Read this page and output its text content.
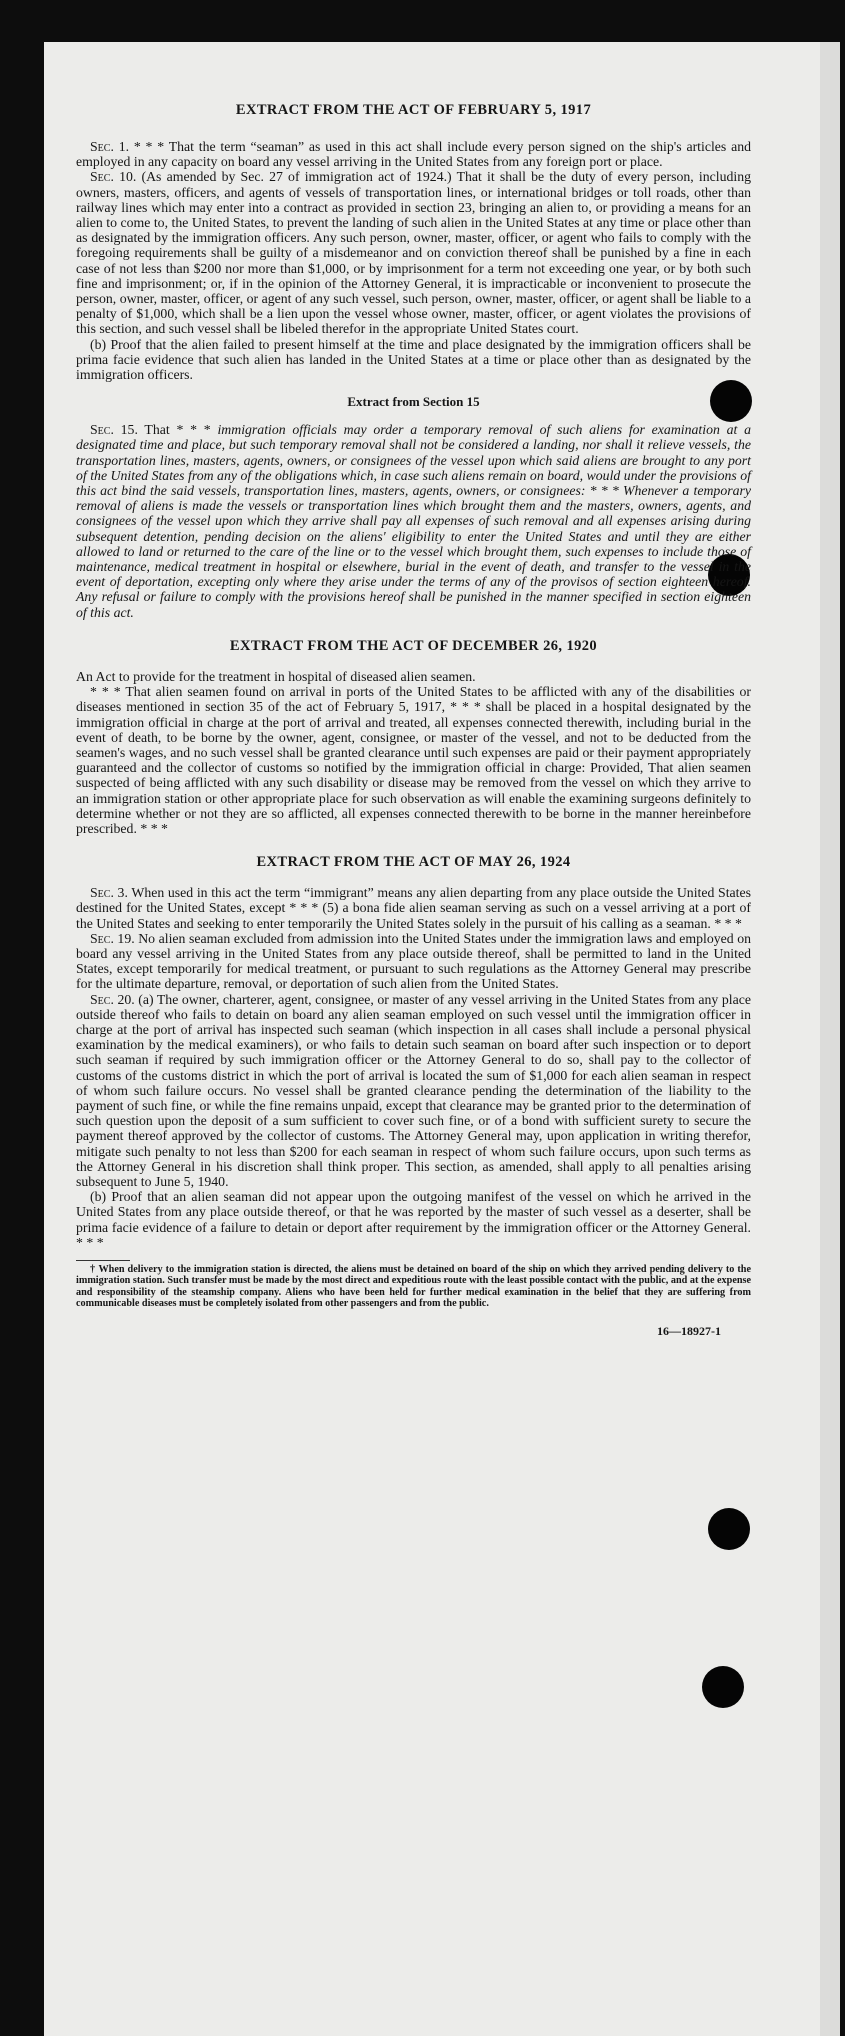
EXTRACT FROM THE ACT OF FEBRUARY 5, 1917

Sec. 1. * * * That the term “seaman” as used in this act shall include every person signed on the ship's articles and employed in any capacity on board any vessel arriving in the United States from any foreign port or place.

Sec. 10. (As amended by Sec. 27 of immigration act of 1924.) That it shall be the duty of every person, including owners, masters, officers, and agents of vessels of transportation lines, or international bridges or toll roads, other than railway lines which may enter into a contract as provided in section 23, bringing an alien to, or providing a means for an alien to come to, the United States, to prevent the landing of such alien in the United States at any time or place other than as designated by the immigration officers. Any such person, owner, master, officer, or agent who fails to comply with the foregoing requirements shall be guilty of a misdemeanor and on conviction thereof shall be punished by a fine in each case of not less than $200 nor more than $1,000, or by imprisonment for a term not exceeding one year, or by both such fine and imprisonment; or, if in the opinion of the Attorney General, it is impracticable or inconvenient to prosecute the person, owner, master, officer, or agent of any such vessel, such person, owner, master, officer, or agent shall be liable to a penalty of $1,000, which shall be a lien upon the vessel whose owner, master, officer, or agent violates the provisions of this section, and such vessel shall be libeled therefor in the appropriate United States court.

(b) Proof that the alien failed to present himself at the time and place designated by the immigration officers shall be prima facie evidence that such alien has landed in the United States at a time or place other than as designated by the immigration officers.

Extract from Section 15

Sec. 15. That * * * immigration officials may order a temporary removal of such aliens for examination at a designated time and place, but such temporary removal shall not be considered a landing, nor shall it relieve vessels, the transportation lines, masters, agents, owners, or consignees of the vessel upon which said aliens are brought to any port of the United States from any of the obligations which, in case such aliens remain on board, would under the provisions of this act bind the said vessels, transportation lines, masters, agents, owners, or consignees: * * * Whenever a temporary removal of aliens is made the vessels or transportation lines which brought them and the masters, owners, agents, and consignees of the vessel upon which they arrive shall pay all expenses of such removal and all expenses arising during subsequent detention, pending decision on the aliens' eligibility to enter the United States and until they are either allowed to land or returned to the care of the line or to the vessel which brought them, such expenses to include those of maintenance, medical treatment in hospital or elsewhere, burial in the event of death, and transfer to the vessel in the event of deportation, excepting only where they arise under the terms of any of the provisos of section eighteen hereof. Any refusal or failure to comply with the provisions hereof shall be punished in the manner specified in section eighteen of this act.

EXTRACT FROM THE ACT OF DECEMBER 26, 1920

An Act to provide for the treatment in hospital of diseased alien seamen.

* * * That alien seamen found on arrival in ports of the United States to be afflicted with any of the disabilities or diseases mentioned in section 35 of the act of February 5, 1917, * * * shall be placed in a hospital designated by the immigration official in charge at the port of arrival and treated, all expenses connected therewith, including burial in the event of death, to be borne by the owner, agent, consignee, or master of the vessel, and not to be deducted from the seamen's wages, and no such vessel shall be granted clearance until such expenses are paid or their payment appropriately guaranteed and the collector of customs so notified by the immigration official in charge: Provided, That alien seamen suspected of being afflicted with any such disability or disease may be removed from the vessel on which they arrive to an immigration station or other appropriate place for such observation as will enable the examining surgeons definitely to determine whether or not they are so afflicted, all expenses connected therewith to be borne in the manner hereinbefore prescribed. * * *

EXTRACT FROM THE ACT OF MAY 26, 1924

Sec. 3. When used in this act the term “immigrant” means any alien departing from any place outside the United States destined for the United States, except * * * (5) a bona fide alien seaman serving as such on a vessel arriving at a port of the United States and seeking to enter temporarily the United States solely in the pursuit of his calling as a seaman. * * *

Sec. 19. No alien seaman excluded from admission into the United States under the immigration laws and employed on board any vessel arriving in the United States from any place outside thereof, shall be permitted to land in the United States, except temporarily for medical treatment, or pursuant to such regulations as the Attorney General may prescribe for the ultimate departure, removal, or deportation of such alien from the United States.

Sec. 20. (a) The owner, charterer, agent, consignee, or master of any vessel arriving in the United States from any place outside thereof who fails to detain on board any alien seaman employed on such vessel until the immigration officer in charge at the port of arrival has inspected such seaman (which inspection in all cases shall include a personal physical examination by the medical examiners), or who fails to detain such seaman on board after such inspection or to deport such seaman if required by such immigration officer or the Attorney General to do so, shall pay to the collector of customs of the customs district in which the port of arrival is located the sum of $1,000 for each alien seaman in respect of whom such failure occurs. No vessel shall be granted clearance pending the determination of the liability to the payment of such fine, or while the fine remains unpaid, except that clearance may be granted prior to the determination of such question upon the deposit of a sum sufficient to cover such fine, or of a bond with sufficient surety to secure the payment thereof approved by the collector of customs. The Attorney General may, upon application in writing therefor, mitigate such penalty to not less than $200 for each seaman in respect of whom such failure occurs, upon such terms as the Attorney General in his discretion shall think proper. This section, as amended, shall apply to all penalties arising subsequent to June 5, 1940.

(b) Proof that an alien seaman did not appear upon the outgoing manifest of the vessel on which he arrived in the United States from any place outside thereof, or that he was reported by the master of such vessel as a deserter, shall be prima facie evidence of a failure to detain or deport after requirement by the immigration officer or the Attorney General. * * *

† When delivery to the immigration station is directed, the aliens must be detained on board of the ship on which they arrived pending delivery to the immigration station. Such transfer must be made by the most direct and expeditious route with the least possible contact with the public, and at the expense and responsibility of the steamship company. Aliens who have been held for further medical examination in the belief that they are suffering from communicable diseases must be completely isolated from other passengers and from the public.

16—18927-1
